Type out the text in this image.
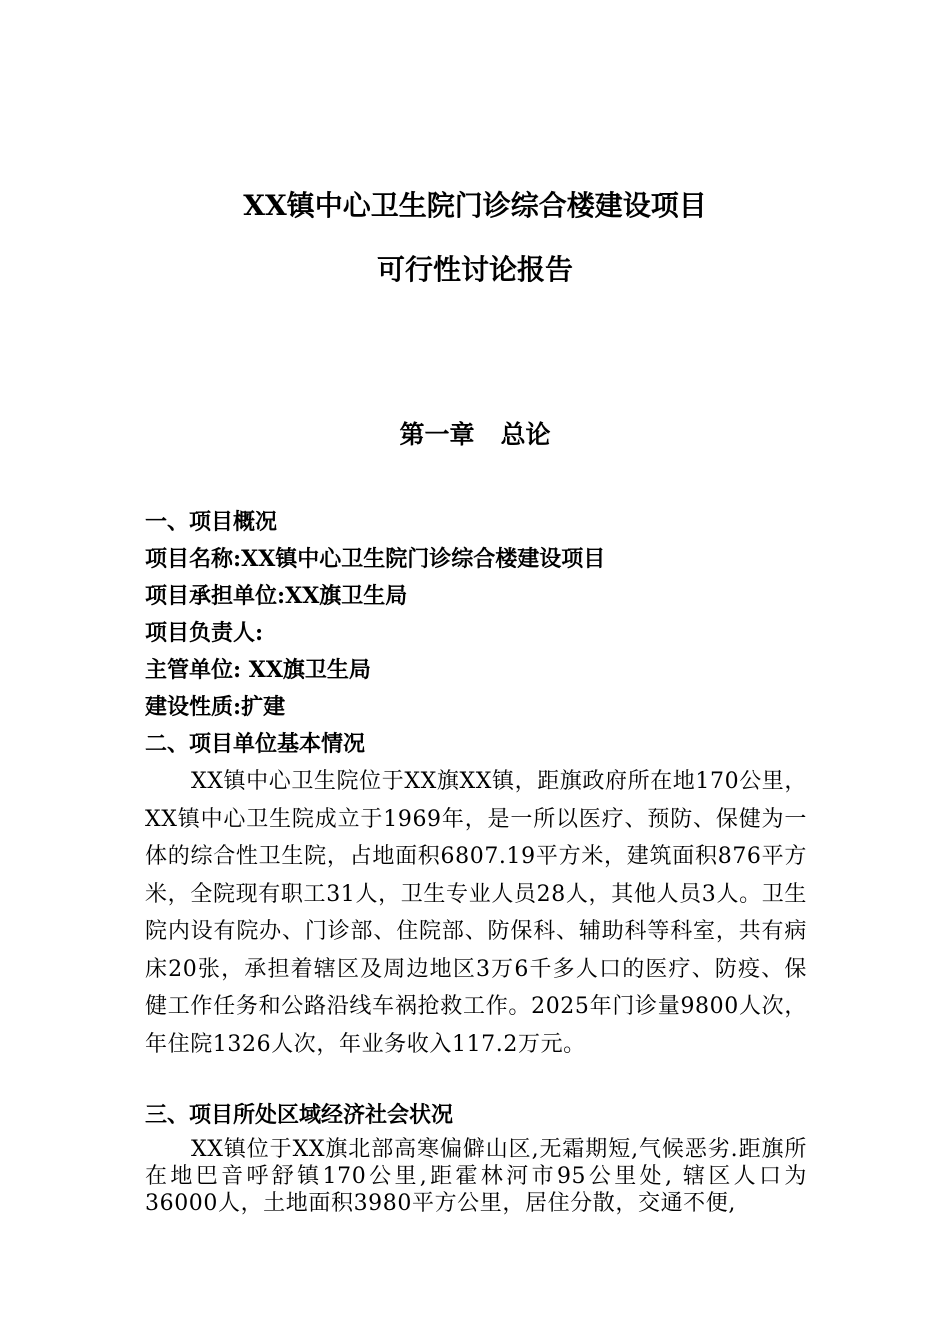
XX镇中心卫生院门诊综合楼建设项目
可行性讨论报告
第一章   总论
一、项目概况
项目名称:XX镇中心卫生院门诊综合楼建设项目
项目承担单位:XX旗卫生局
项目负责人:
主管单位: XX旗卫生局
建设性质:扩建
二、项目单位基本情况

XX镇中心卫生院位于XX旗XX镇，距旗政府所在地170公里，XX镇中心卫生院成立于1969年，是一所以医疗、预防、保健为一体的综合性卫生院，占地面积6807.19平方米，建筑面积876平方米，全院现有职工31人，卫生专业人员28人，其他人员3人。卫生院内设有院办、门诊部、住院部、防保科、辅助科等科室，共有病床20张，承担着辖区及周边地区3万6千多人口的医疗、防疫、保健工作任务和公路沿线车祸抢救工作。2025年门诊量9800人次，年住院1326人次，年业务收入117.2万元。

三、项目所处区域经济社会状况

XX镇位于XX旗北部高寒偏僻山区,无霜期短,气候恶劣.距旗所在地巴音呼舒镇170公里,距霍林河市95公里处, 辖区人口为36000人，土地面积3980平方公里，居住分散，交通不便,
